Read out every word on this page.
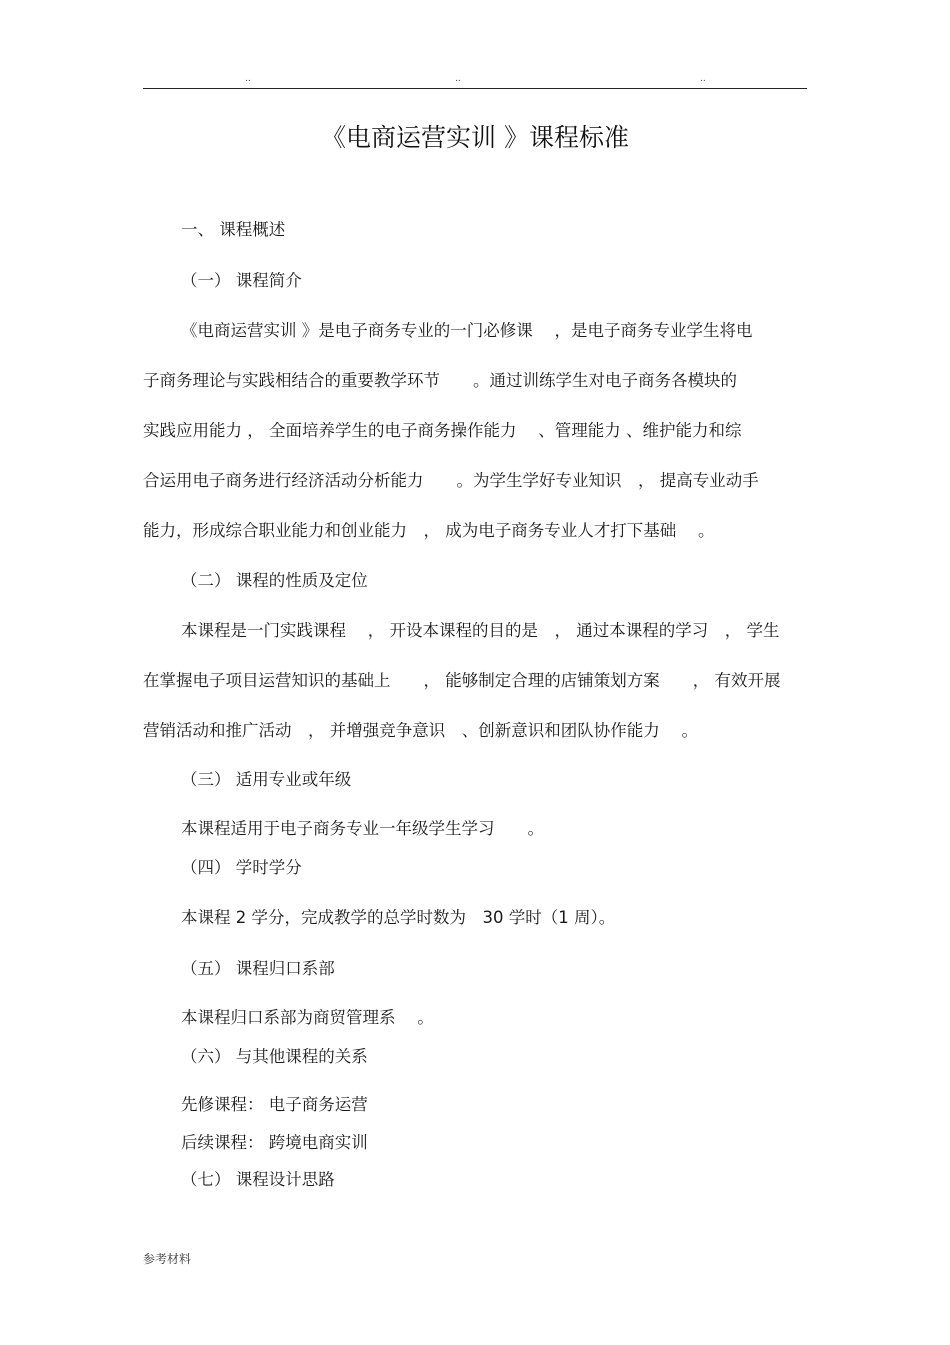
..	..	..
《电商运营实训 》课程标准
一、 课程概述
（一） 课程简介
《电商运营实训 》是电子商务专业的一门必修课　 ，是电子商务专业学生将电
子商务理论与实践相结合的重要教学环节　　。通过训练学生对电子商务各模块的
实践应用能力 ， 全面培养学生的电子商务操作能力　 、管理能力 、维护能力和综
合运用电子商务进行经济活动分析能力　　。为学生学好专业知识　， 提高专业动手
能力，形成综合职业能力和创业能力　， 成为电子商务专业人才打下基础　 。
（二） 课程的性质及定位
本课程是一门实践课程　 ， 开设本课程的目的是　， 通过本课程的学习　， 学生
在掌握电子项目运营知识的基础上　　， 能够制定合理的店铺策划方案　　， 有效开展
营销活动和推广活动　， 并增强竞争意识　、创新意识和团队协作能力　 。
（三） 适用专业或年级
本课程适用于电子商务专业一年级学生学习　　。
（四） 学时学分
本课程 2 学分，完成教学的总学时数为　30 学时（1 周）。
（五） 课程归口系部
本课程归口系部为商贸管理系　 。
（六） 与其他课程的关系
先修课程： 电子商务运营
后续课程： 跨境电商实训
（七） 课程设计思路
参考材料
